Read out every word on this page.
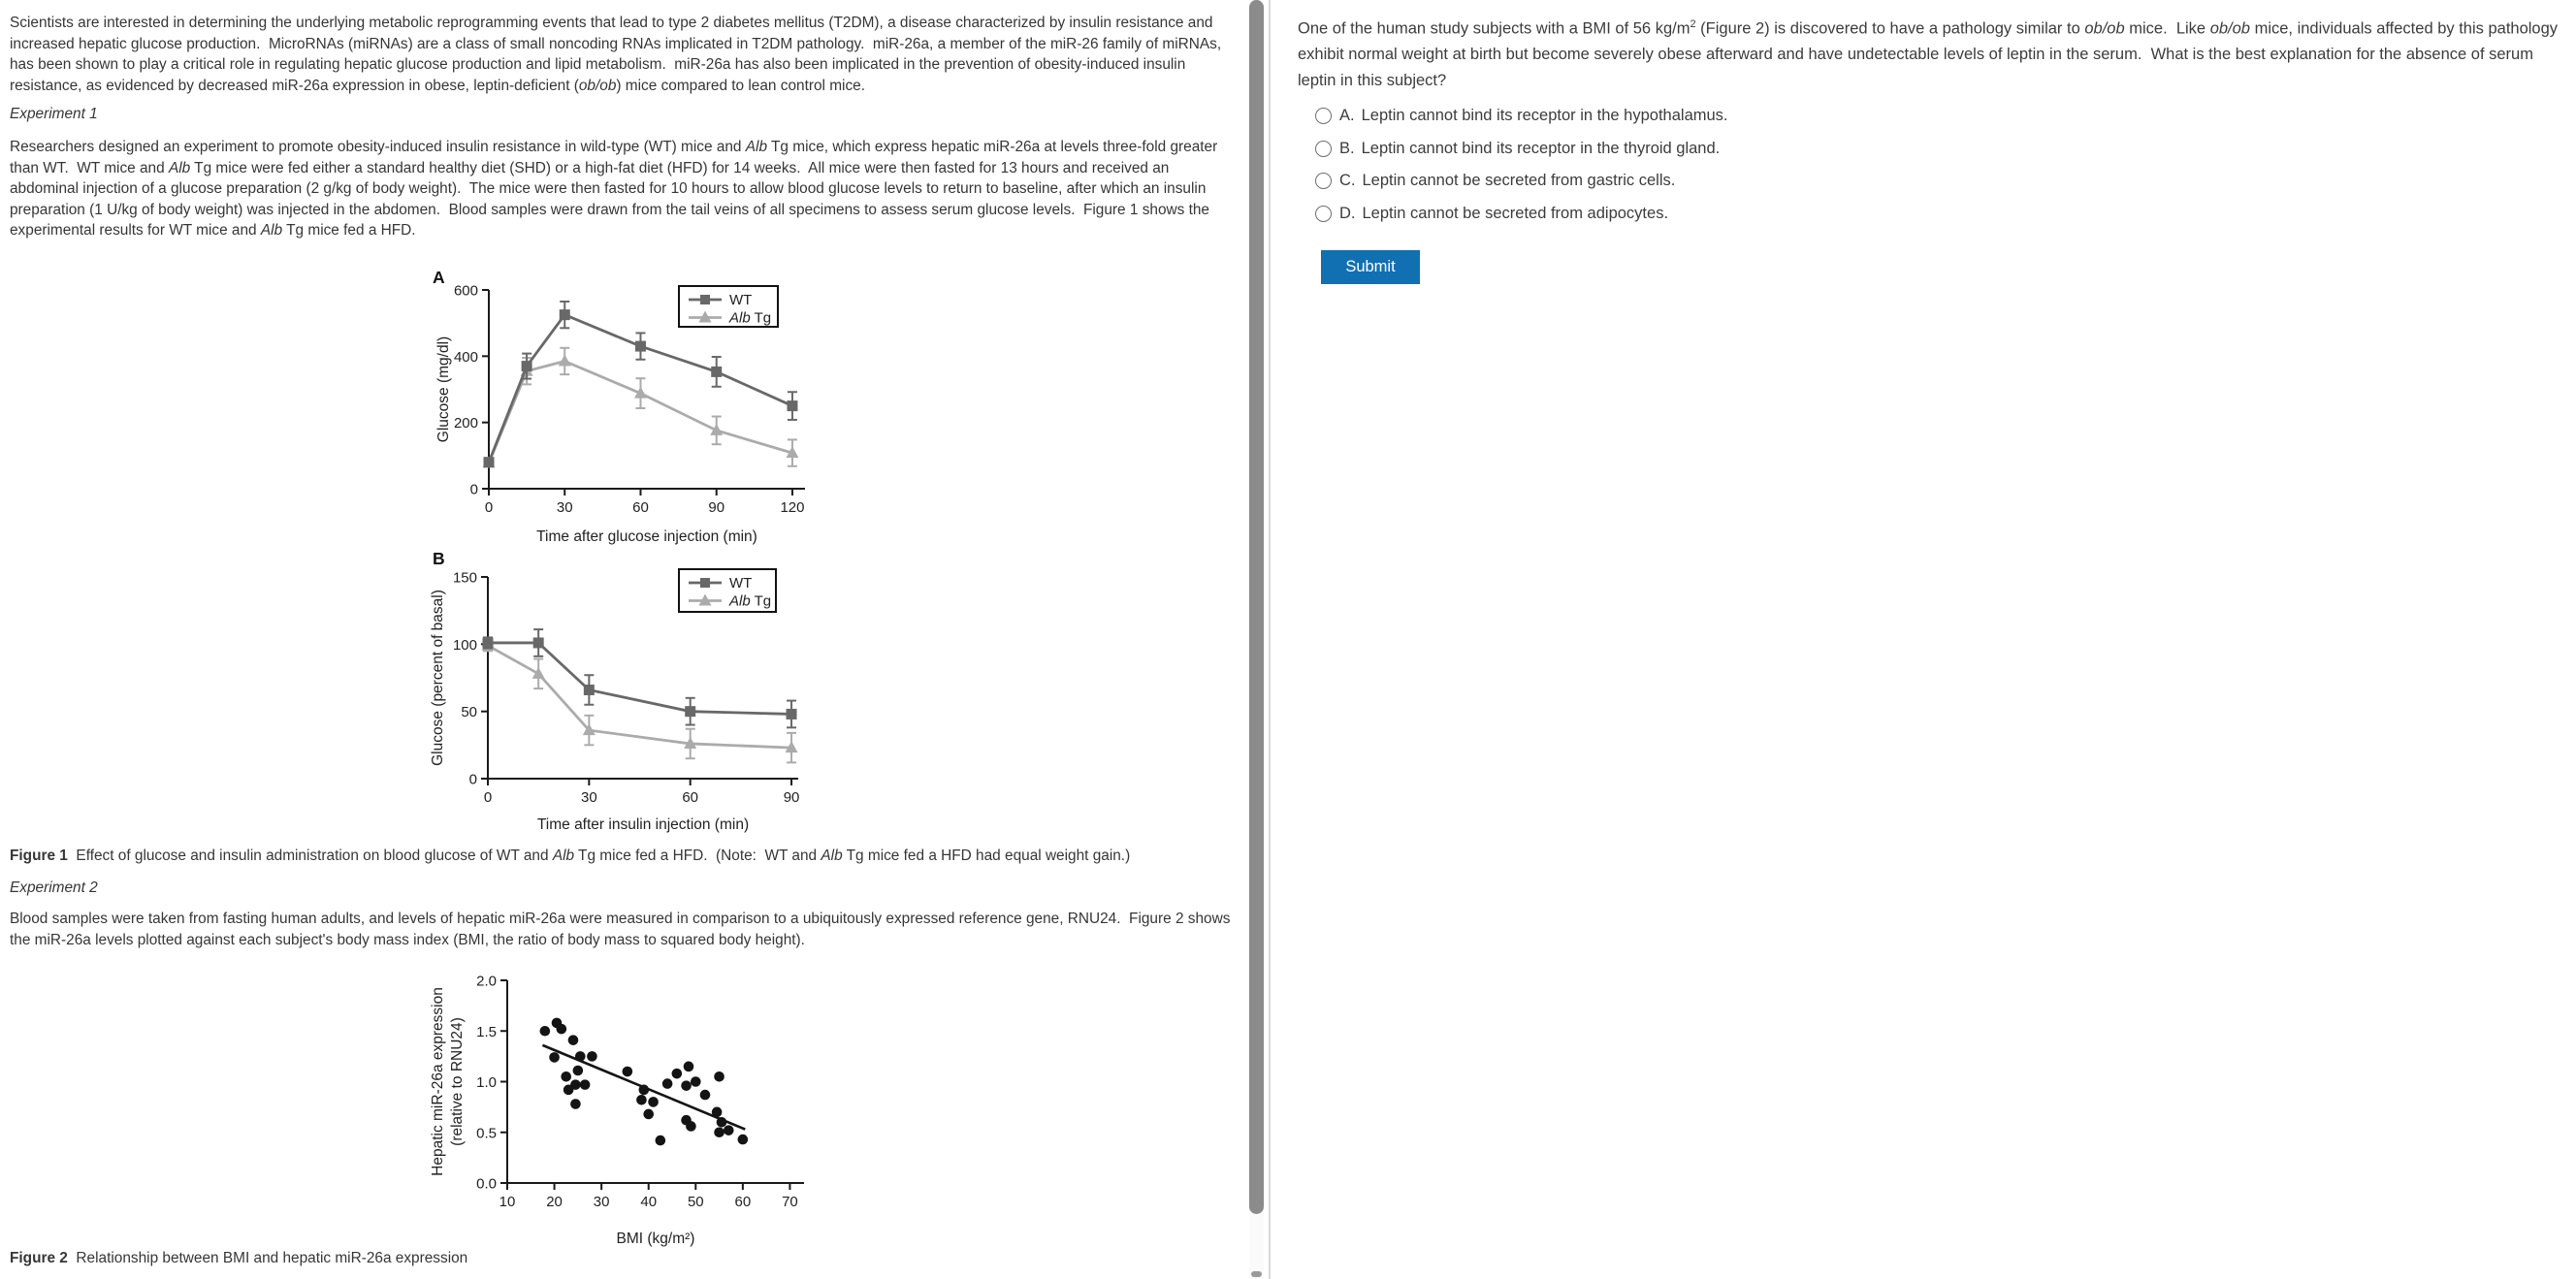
Scientists are interested in determining the underlying metabolic reprogramming events that lead to type 2 diabetes mellitus (T2DM), a disease characterized by insulin resistance and increased hepatic glucose production.  MicroRNAs (miRNAs) are a class of small noncoding RNAs implicated in T2DM pathology.  miR-26a, a member of the miR-26 family of miRNAs, has been shown to play a critical role in regulating hepatic glucose production and lipid metabolism.  miR-26a has also been implicated in the prevention of obesity-induced insulin resistance, as evidenced by decreased miR-26a expression in obese, leptin-deficient (ob/ob) mice compared to lean control mice.

Experiment 1

Researchers designed an experiment to promote obesity-induced insulin resistance in wild-type (WT) mice and Alb Tg mice, which express hepatic miR-26a at levels three-fold greater than WT.  WT mice and Alb Tg mice were fed either a standard healthy diet (SHD) or a high-fat diet (HFD) for 14 weeks.  All mice were then fasted for 13 hours and received an abdominal injection of a glucose preparation (2 g/kg of body weight).  The mice were then fasted for 10 hours to allow blood glucose levels to return to baseline, after which an insulin preparation (1 U/kg of body weight) was injected in the abdomen.  Blood samples were drawn from the tail veins of all specimens to assess serum glucose levels.  Figure 1 shows the experimental results for WT mice and Alb Tg mice fed a HFD.

0	30	60	90	120
0
200
400
600
Time after glucose injection (min)
Glucose (mg/dl)
A
WT
Alb Tg
0	30	60	90
0
50
100
150
Time after insulin injection (min)
Glucose (percent of basal)
B
WT
Alb Tg

Figure 1  Effect of glucose and insulin administration on blood glucose of WT and Alb Tg mice fed a HFD.  (Note:  WT and Alb Tg mice fed a HFD had equal weight gain.)

Experiment 2

Blood samples were taken from fasting human adults, and levels of hepatic miR-26a were measured in comparison to a ubiquitously expressed reference gene, RNU24.  Figure 2 shows the miR-26a levels plotted against each subject's body mass index (BMI, the ratio of body mass to squared body height).

10 20 30 40 50 60 70
0.0
0.5
1.0
1.5
2.0
BMI (kg/m²)
Hepatic miR-26a expression (relative to RNU24)

Figure 2  Relationship between BMI and hepatic miR-26a expression

One of the human study subjects with a BMI of 56 $kg/m^2$ (Figure 2) is discovered to have a pathology similar to ob/ob mice.  Like ob/ob mice, individuals affected by this pathology exhibit normal weight at birth but become severely obese afterward and have undetectable levels of leptin in the serum.  What is the best explanation for the absence of serum leptin in this subject?

A. Leptin cannot bind its receptor in the hypothalamus.
B. Leptin cannot bind its receptor in the thyroid gland.
C. Leptin cannot be secreted from gastric cells.
D. Leptin cannot be secreted from adipocytes.
Submit
